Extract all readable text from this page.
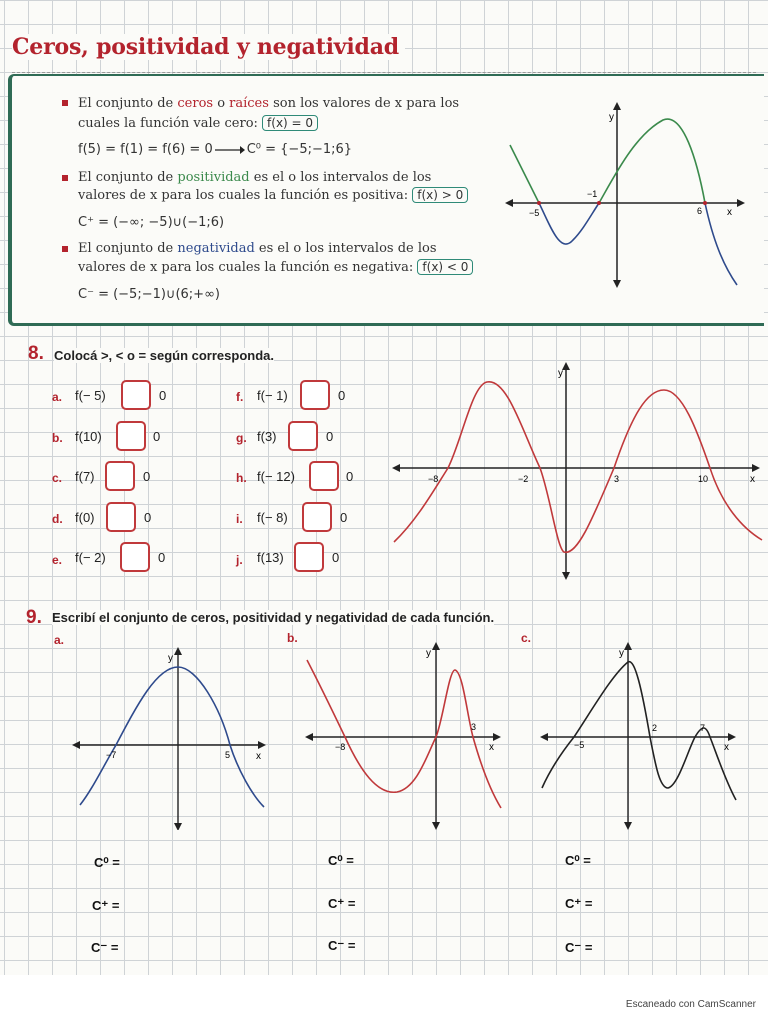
Ceros, positividad y negatividad
El conjunto de ceros o raíces son los valores de x para los
cuales la función vale cero: f(x) = 0
f(5) = f(1) = f(6) = 0	C⁰ = {−5;−1;6}
El conjunto de positividad es el o los intervalos de los
valores de x para los cuales la función es positiva: f(x) > 0
C⁺ = (−∞; −5)∪(−1;6)
El conjunto de negatividad es el o los intervalos de los
valores de x para los cuales la función es negativa: f(x) < 0
C⁻ = (−5;−1)∪(6;+∞)
y
x
−5
−1
6
8. Colocá >, < o = según corresponda.
a. f(− 5)	0
b. f(10)	0
c. f(7)	0
d. f(0)	0
e. f(− 2)	0
f. f(− 1)	0
g. f(3)	0
h. f(− 12)	0
i. f(− 8)	0
j. f(13)	0
y
x
−8	−2	3	10
9. Escribí el conjunto de ceros, positividad y negatividad de cada función.
a.	b.	c.
y
x
−7	5
y
x
−8
3
y
x
−5
2	7
C⁰ =
C⁺ =
C⁻ =
C⁰ =
C⁺ =
C⁻ =
C⁰ =
C⁺ =
C⁻ =
Escaneado con CamScanner
